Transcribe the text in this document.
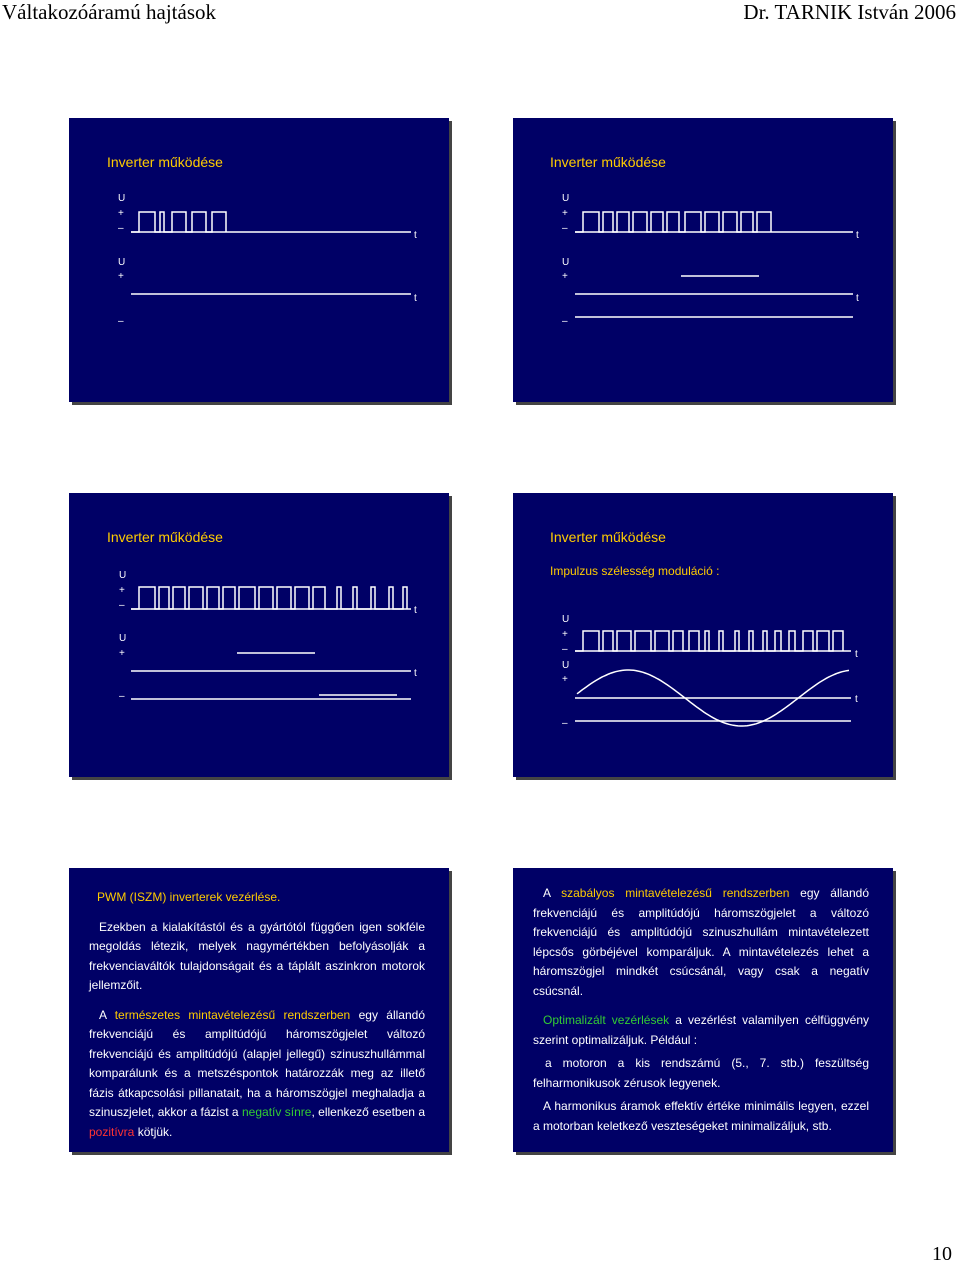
Váltakozóáramú hajtások	Dr. TARNIK István 2006
Inverter működése
U
+
–
t
U
+
t
–
Inverter működése
U
+
–
t
U
+
t
–
Inverter működése
U
+
–	t
U
+
t
–
Inverter működése
Impulzus szélesség moduláció :
U
+
–	t
U
+
t
–

PWM (ISZM) inverterek vezérlése.

Ezekben a kialakítástól és a gyártótól függően igen sokféle megoldás létezik, melyek nagymértékben befolyásolják a frekvenciaváltók tulajdonságait és a táplált aszinkron motorok jellemzőit.

A természetes mintavételezésű rendszerben egy állandó frekvenciájú és amplitúdójú háromszögjelet változó frekvenciájú és amplitúdójú (alapjel jellegű) szinuszhullámmal komparálunk és a metszéspontok határozzák meg az illető fázis átkapcsolási pillanatait, ha a háromszögjel meghaladja a szinuszjelet, akkor a fázist a negatív sínre, ellenkező esetben a pozitívra kötjük.

A szabályos mintavételezésű rendszerben egy állandó frekvenciájú és amplitúdójú háromszögjelet a változó frekvenciájú és amplitúdójú szinuszhullám mintavételezett lépcsős görbéjével komparáljuk. A mintavételezés lehet a háromszögjel mindkét csúcsánál, vagy csak a negatív csúcsnál.

Optimalizált vezérlések a vezérlést valamilyen célfüggvény szerint optimalizáljuk. Például :

a motoron a kis rendszámú (5., 7. stb.) feszültség felharmonikusok zérusok legyenek.

A harmonikus áramok effektív értéke minimális legyen, ezzel a motorban keletkező veszteségeket minimalizáljuk, stb.

10
